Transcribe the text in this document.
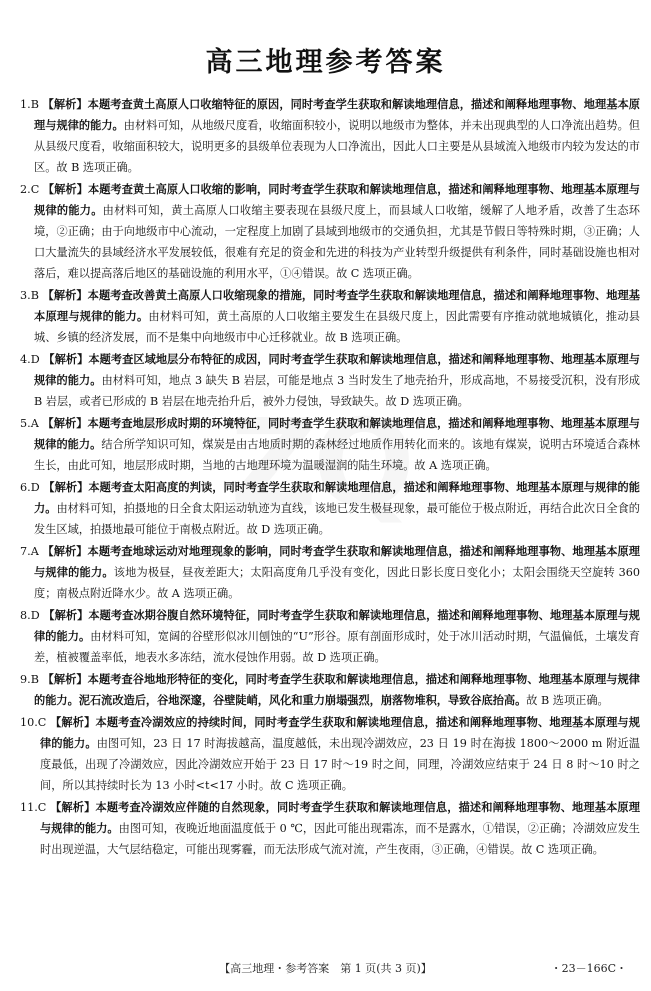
高三地理参考答案
1.B 【解析】本题考查黄土高原人口收缩特征的原因，同时考查学生获取和解读地理信息，描述和阐释地理事物、地理基本原理与规律的能力。由材料可知，从地级尺度看，收缩面积较小，说明以地级市为整体，并未出现典型的人口净流出趋势。但从县级尺度看，收缩面积较大，说明更多的县级单位表现为人口净流出，因此人口主要是从县域流入地级市内较为发达的市区。故 B 选项正确。
2.C 【解析】本题考查黄土高原人口收缩的影响，同时考查学生获取和解读地理信息，描述和阐释地理事物、地理基本原理与规律的能力。由材料可知，黄土高原人口收缩主要表现在县级尺度上，而县域人口收缩，缓解了人地矛盾，改善了生态环境，②正确；由于向地级市中心流动，一定程度上加剧了县域到地级市的交通负担，尤其是节假日等特殊时期，③正确；人口大量流失的县域经济水平发展较低，很难有充足的资金和先进的科技为产业转型升级提供有利条件，同时基础设施也相对落后，难以提高落后地区的基础设施的利用水平，①④错误。故 C 选项正确。
3.B 【解析】本题考查改善黄土高原人口收缩现象的措施，同时考查学生获取和解读地理信息，描述和阐释地理事物、地理基本原理与规律的能力。由材料可知，黄土高原的人口收缩主要发生在县级尺度上，因此需要有序推动就地城镇化，推动县城、乡镇的经济发展，而不是集中向地级市中心迁移就业。故 B 选项正确。
4.D 【解析】本题考查区域地层分布特征的成因，同时考查学生获取和解读地理信息，描述和阐释地理事物、地理基本原理与规律的能力。由材料可知，地点 3 缺失 B 岩层，可能是地点 3 当时发生了地壳抬升，形成高地，不易接受沉积，没有形成 B 岩层，或者已形成的 B 岩层在地壳抬升后，被外力侵蚀，导致缺失。故 D 选项正确。
5.A 【解析】本题考查地层形成时期的环境特征，同时考查学生获取和解读地理信息，描述和阐释地理事物、地理基本原理与规律的能力。结合所学知识可知，煤炭是由古地质时期的森林经过地质作用转化而来的。该地有煤炭，说明古环境适合森林生长，由此可知，地层形成时期，当地的古地理环境为温暖湿润的陆生环境。故 A 选项正确。
6.D 【解析】本题考查太阳高度的判读，同时考查学生获取和解读地理信息，描述和阐释地理事物、地理基本原理与规律的能力。由材料可知，拍摄地的日全食太阳运动轨迹为直线，该地已发生极昼现象，最可能位于极点附近，再结合此次日全食的发生区域，拍摄地最可能位于南极点附近。故 D 选项正确。
7.A 【解析】本题考查地球运动对地理现象的影响，同时考查学生获取和解读地理信息，描述和阐释地理事物、地理基本原理与规律的能力。该地为极昼，昼夜差距大；太阳高度角几乎没有变化，因此日影长度日变化小；太阳会围绕天空旋转 360 度；南极点附近降水少。故 A 选项正确。
8.D 【解析】本题考查冰期谷腹自然环境特征，同时考查学生获取和解读地理信息，描述和阐释地理事物、地理基本原理与规律的能力。由材料可知，宽阔的谷壁形似冰川刨蚀的“U”形谷。原有剖面形成时，处于冰川活动时期，气温偏低，土壤发育差，植被覆盖率低，地表水多冻结，流水侵蚀作用弱。故 D 选项正确。
9.B 【解析】本题考查谷地地形特征的变化，同时考查学生获取和解读地理信息，描述和阐释地理事物、地理基本原理与规律的能力。泥石流改造后，谷地深邃，谷壁陡峭，风化和重力崩塌强烈，崩落物堆积，导致谷底抬高。故 B 选项正确。
10.C 【解析】本题考查冷湖效应的持续时间，同时考查学生获取和解读地理信息，描述和阐释地理事物、地理基本原理与规律的能力。由图可知，23 日 17 时海拔越高，温度越低，未出现冷湖效应，23 日 19 时在海拔 1800～2000 m 附近温度最低，出现了冷湖效应，因此冷湖效应开始于 23 日 17 时～19 时之间，同理，冷湖效应结束于 24 日 8 时～10 时之间，所以其持续时长为 13 小时<t<17 小时。故 C 选项正确。
11.C 【解析】本题考查冷湖效应伴随的自然现象，同时考查学生获取和解读地理信息，描述和阐释地理事物、地理基本原理与规律的能力。由图可知，夜晚近地面温度低于 0 ℃，因此可能出现霜冻，而不是露水，①错误，②正确；冷湖效应发生时出现逆温，大气层结稳定，可能出现雾霾，而无法形成气流对流，产生夜雨，③正确，④错误。故 C 选项正确。
【高三地理・参考答案　第 1 页(共 3 页)】	・23－166C・
